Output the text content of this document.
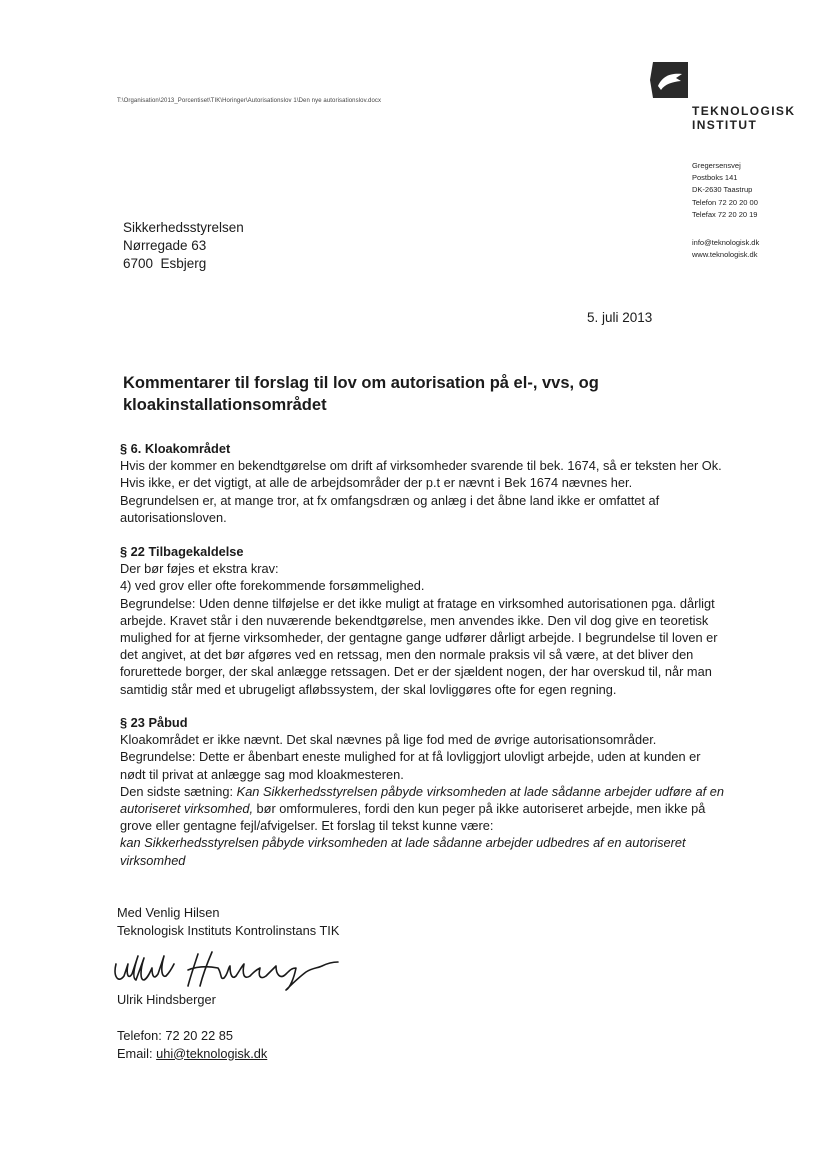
T:\Organisation\2013_Porcentiset\TIK\Horinger\Autorisationslov 1\Den nye autorisationslov.docx
TEKNOLOGISK
INSTITUT
Gregersensvej
Postboks 141
DK-2630 Taastrup
Telefon 72 20 20 00
Telefax 72 20 20 19
info@teknologisk.dk
www.teknologisk.dk
Sikkerhedsstyrelsen
Nørregade 63
6700  Esbjerg
5. juli 2013
Kommentarer til forslag til lov om autorisation på el-, vvs, og kloakinstallationsområdet
§ 6. Kloakområdet

Hvis der kommer en bekendtgørelse om drift af virksomheder svarende til bek. 1674, så er teksten her Ok.

Hvis ikke, er det vigtigt, at alle de arbejdsområder der p.t er nævnt i Bek 1674 nævnes her.

Begrundelsen er, at mange tror, at fx omfangsdræn og anlæg i det åbne land ikke er omfattet af

autorisationsloven.

§ 22 Tilbagekaldelse

Der bør føjes et ekstra krav:

4) ved grov eller ofte forekommende forsømmelighed.

Begrundelse: Uden denne tilføjelse er det ikke muligt at fratage en virksomhed autorisationen pga. dårligt

arbejde. Kravet står i den nuværende bekendtgørelse, men anvendes ikke. Den vil dog give en teoretisk

mulighed for at fjerne virksomheder, der gentagne gange udfører dårligt arbejde. I begrundelse til loven er

det angivet, at det bør afgøres ved en retssag, men den normale praksis vil så være, at det bliver den

forurettede borger, der skal anlægge retssagen. Det er der sjældent nogen, der har overskud til, når man

samtidig står med et ubrugeligt afløbssystem, der skal lovliggøres ofte for egen regning.

§ 23 Påbud

Kloakområdet er ikke nævnt. Det skal nævnes på lige fod med de øvrige autorisationsområder.

Begrundelse: Dette er åbenbart eneste mulighed for at få lovliggjort ulovligt arbejde, uden at kunden er

nødt til privat at anlægge sag mod kloakmesteren.

Den sidste sætning: Kan Sikkerhedsstyrelsen påbyde virksomheden at lade sådanne arbejder udføre af en

autoriseret virksomhed, bør omformuleres, fordi den kun peger på ikke autoriseret arbejde, men ikke på

grove eller gentagne fejl/afvigelser. Et forslag til tekst kunne være:

kan Sikkerhedsstyrelsen påbyde virksomheden at lade sådanne arbejder udbedres af en autoriseret

virksomhed

Med Venlig Hilsen
Teknologisk Instituts Kontrolinstans TIK
Ulrik Hindsberger
Telefon: 72 20 22 85
Email: uhi@teknologisk.dk
